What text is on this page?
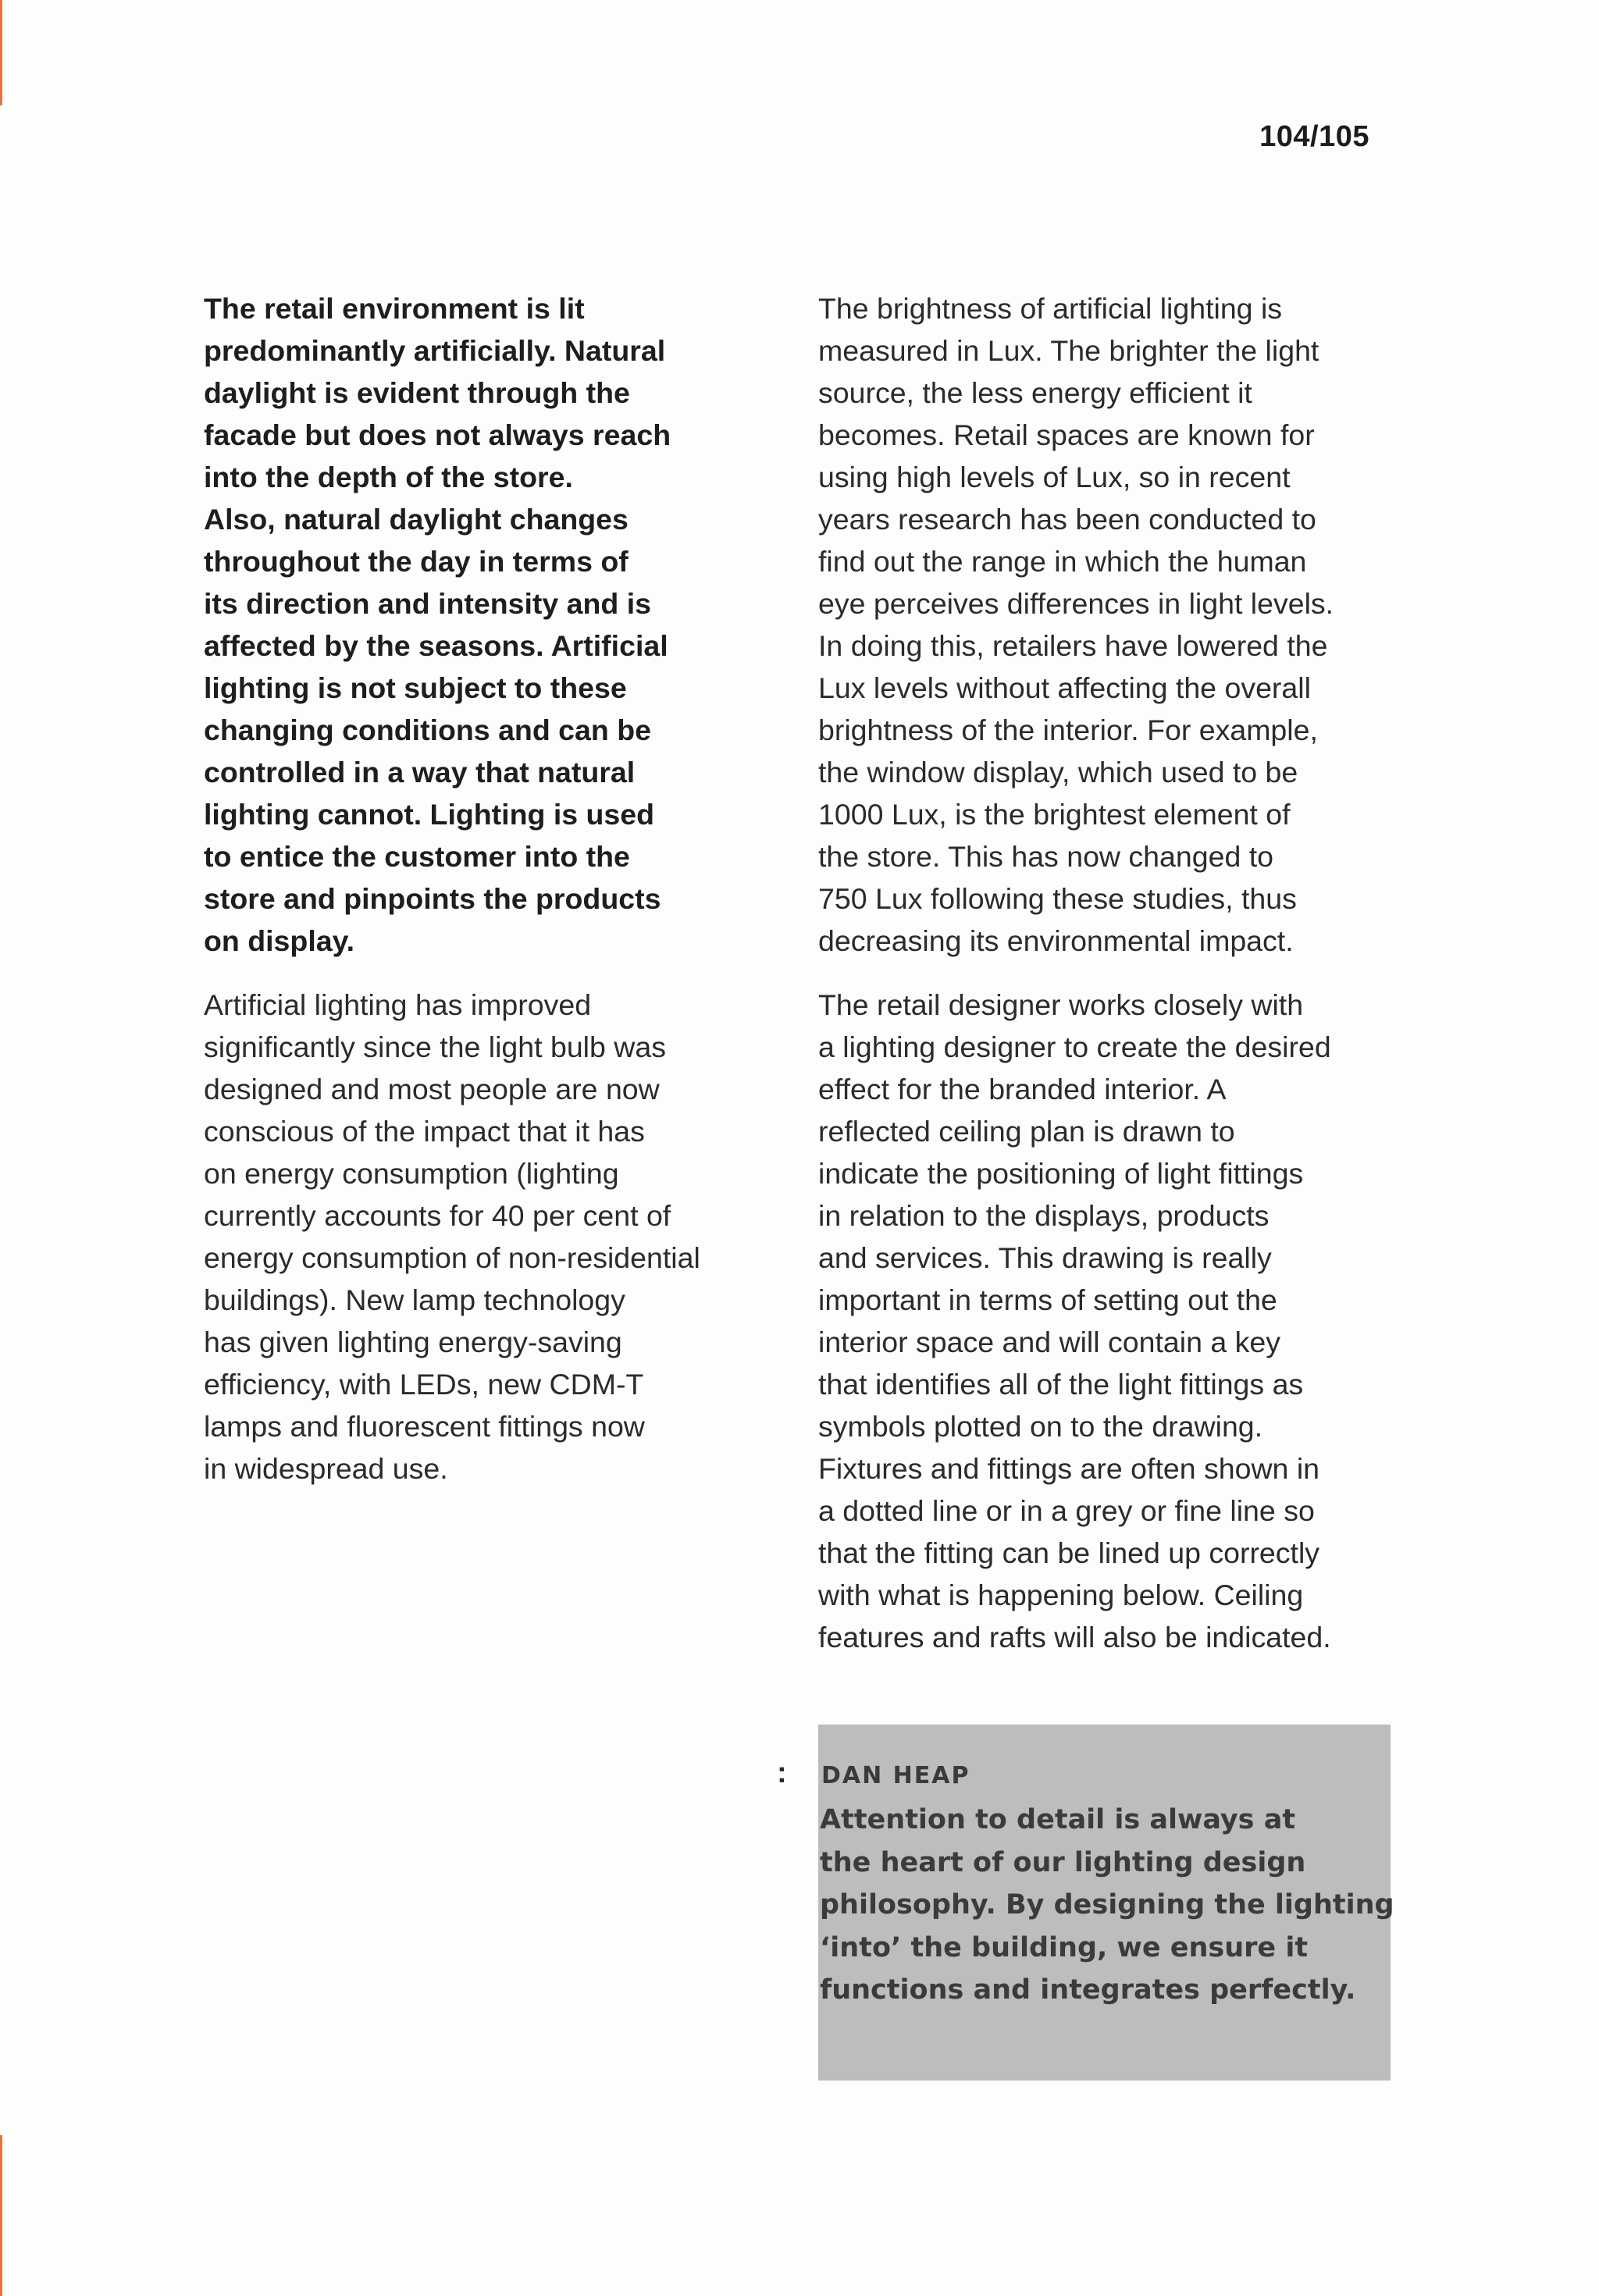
104/105

The retail environment is lit
predominantly artificially. Natural
daylight is evident through the
facade but does not always reach
into the depth of the store.
Also, natural daylight changes
throughout the day in terms of
its direction and intensity and is
affected by the seasons. Artificial
lighting is not subject to these
changing conditions and can be
controlled in a way that natural
lighting cannot. Lighting is used
to entice the customer into the
store and pinpoints the products
on display.

Artificial lighting has improved
significantly since the light bulb was
designed and most people are now
conscious of the impact that it has
on energy consumption (lighting
currently accounts for 40 per cent of
energy consumption of non-residential
buildings). New lamp technology
has given lighting energy-saving
efficiency, with LEDs, new CDM-T
lamps and fluorescent fittings now
in widespread use.

The brightness of artificial lighting is
measured in Lux. The brighter the light
source, the less energy efficient it
becomes. Retail spaces are known for
using high levels of Lux, so in recent
years research has been conducted to
find out the range in which the human
eye perceives differences in light levels.
In doing this, retailers have lowered the
Lux levels without affecting the overall
brightness of the interior. For example,
the window display, which used to be
1000 Lux, is the brightest element of
the store. This has now changed to
750 Lux following these studies, thus
decreasing its environmental impact.

The retail designer works closely with
a lighting designer to create the desired
effect for the branded interior. A
reflected ceiling plan is drawn to
indicate the positioning of light fittings
in relation to the displays, products
and services. This drawing is really
important in terms of setting out the
interior space and will contain a key
that identifies all of the light fittings as
symbols plotted on to the drawing.
Fixtures and fittings are often shown in
a dotted line or in a grey or fine line so
that the fitting can be lined up correctly
with what is happening below. Ceiling
features and rafts will also be indicated.

: DAN HEAP
Attention to detail is always at
the heart of our lighting design
philosophy. By designing the lighting
‘into’ the building, we ensure it
functions and integrates perfectly.
